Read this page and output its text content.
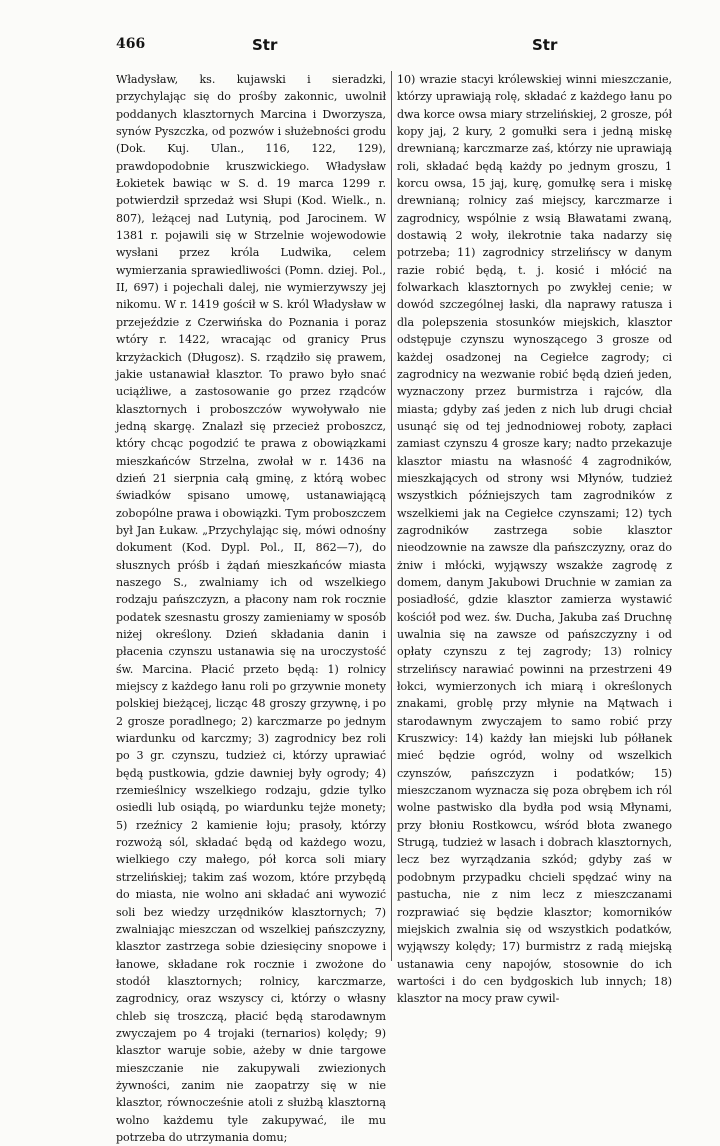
466	Str	Str
Władysław, ks. kujawski i sieradzki, przychylając się do prośby zakonnic, uwolnił poddanych klasztornych Marcina i Dworzysza, synów Pyszczka, od pozwów i służebności grodu (Dok. Kuj. Ulan., 116, 122, 129), prawdopodobnie kruszwickiego. Władysław Łokietek bawiąc w S. d. 19 marca 1299 r. potwierdził sprzedaż wsi Słupi (Kod. Wielk., n. 807), leżącej nad Lutynią, pod Jarocinem. W 1381 r. pojawili się w Strzelnie wojewodowie wysłani przez króla Ludwika, celem wymierzania sprawiedliwości (Pomn. dziej. Pol., II, 697) i pojechali dalej, nie wymierzywszy jej nikomu. W r. 1419 gościł w S. król Władysław w przejeździe z Czerwińska do Poznania i poraz wtóry r. 1422, wracając od granicy Prus krzyżackich (Długosz). S. rządziło się prawem, jakie ustanawiał klasztor. To prawo było snać uciążliwe, a zastosowanie go przez rządców klasztornych i proboszczów wywoływało nie jedną skargę. Znalazł się przecież proboszcz, który chcąc pogodzić te prawa z obowiązkami mieszkańców Strzelna, zwołał w r. 1436 na dzień 21 sierpnia całą gminę, z którą wobec świadków spisano umowę, ustanawiającą zobopólne prawa i obowiązki. Tym proboszczem był Jan Łukaw. „Przychylając się, mówi odnośny dokument (Kod. Dypl. Pol., II, 862—7), do słusznych próśb i żądań mieszkańców miasta naszego S., zwalniamy ich od wszelkiego rodzaju pańszczyzn, a płacony nam rok rocznie podatek szesnastu groszy zamieniamy w sposób niżej określony. Dzień składania danin i płacenia czynszu ustanawia się na uroczystość św. Marcina. Płacić przeto będą: 1) rolnicy miejscy z każdego łanu roli po grzywnie monety polskiej bieżącej, licząc 48 groszy grzywnę, i po 2 grosze poradlnego; 2) karczmarze po jednym wiardunku od karczmy; 3) zagrodnicy bez roli po 3 gr. czynszu, tudzież ci, którzy uprawiać będą pustkowia, gdzie dawniej były ogrody; 4) rzemieślnicy wszelkiego rodzaju, gdzie tylko osiedli lub osiądą, po wiardunku tejże monety; 5) rzeźnicy 2 kamienie łoju; prasoły, którzy rozwożą sól, składać będą od każdego wozu, wielkiego czy małego, pół korca soli miary strzelińskiej; takim zaś wozom, które przybędą do miasta, nie wolno ani składać ani wywozić soli bez wiedzy urzędników klasztornych; 7) zwalniając mieszczan od wszelkiej pańszczyzny, klasztor zastrzega sobie dziesięciny snopowe i łanowe, składane rok rocznie i zwożone do stodół klasztornych; rolnicy, karczmarze, zagrodnicy, oraz wszyscy ci, którzy o własny chleb się troszczą, płacić będą starodawnym zwyczajem po 4 trojaki (ternarios) kolędy; 9) klasztor waruje sobie, ażeby w dnie targowe mieszczanie nie zakupywali zwiezionych żywności, zanim nie zaopatrzy się w nie klasztor, równocześnie atoli z służbą klasztorną wolno każdemu tyle zakupywać, ile mu potrzeba do utrzymania domu;
10) wrazie stacyi królewskiej winni mieszczanie, którzy uprawiają rolę, składać z każdego łanu po dwa korce owsa miary strzelińskiej, 2 grosze, pół kopy jaj, 2 kury, 2 gomułki sera i jedną miskę drewnianą; karczmarze zaś, którzy nie uprawiają roli, składać będą każdy po jednym groszu, 1 korcu owsa, 15 jaj, kurę, gomułkę sera i miskę drewnianą; rolnicy zaś miejscy, karczmarze i zagrodnicy, wspólnie z wsią Bławatami zwaną, dostawią 2 woły, ilekrotnie taka nadarzy się potrzeba; 11) zagrodnicy strzelińscy w danym razie robić będą, t. j. kosić i młócić na folwarkach klasztornych po zwykłej cenie; w dowód szczególnej łaski, dla naprawy ratusza i dla polepszenia stosunków miejskich, klasztor odstępuje czynszu wynoszącego 3 grosze od każdej osadzonej na Cegiełce zagrody; ci zagrodnicy na wezwanie robić będą dzień jeden, wyznaczony przez burmistrza i rajców, dla miasta; gdyby zaś jeden z nich lub drugi chciał usunąć się od tej jednodniowej roboty, zapłaci zamiast czynszu 4 grosze kary; nadto przekazuje klasztor miastu na własność 4 zagrodników, mieszkających od strony wsi Młynów, tudzież wszystkich późniejszych tam zagrodników z wszelkiemi jak na Cegiełce czynszami; 12) tych zagrodników zastrzega sobie klasztor nieodzownie na zawsze dla pańszczyzny, oraz do żniw i młócki, wyjąwszy wszakże zagrodę z domem, danym Jakubowi Druchnie w zamian za posiadłość, gdzie klasztor zamierza wystawić kościół pod wez. św. Ducha, Jakuba zaś Druchnę uwalnia się na zawsze od pańszczyzny i od opłaty czynszu z tej zagrody; 13) rolnicy strzelińscy narawiać powinni na przestrzeni 49 łokci, wymierzonych ich miarą i określonych znakami, groblę przy młynie na Mątwach i starodawnym zwyczajem to samo robić przy Kruszwicy: 14) każdy łan miejski lub półłanek mieć będzie ogród, wolny od wszelkich czynszów, pańszczyzn i podatków; 15) mieszczanom wyznacza się poza obrębem ich ról wolne pastwisko dla bydła pod wsią Młynami, przy błoniu Rostkowcu, wśród błota zwanego Strugą, tudzież w lasach i dobrach klasztornych, lecz bez wyrządzania szkód; gdyby zaś w podobnym przypadku chcieli spędzać winy na pastucha, nie z nim lecz z mieszczanami rozprawiać się będzie klasztor; komorników miejskich zwalnia się od wszystkich podatków, wyjąwszy kolędy; 17) burmistrz z radą miejską ustanawia ceny napojów, stosownie do ich wartości i do cen bydgoskich lub innych; 18) klasztor na mocy praw cywil-
